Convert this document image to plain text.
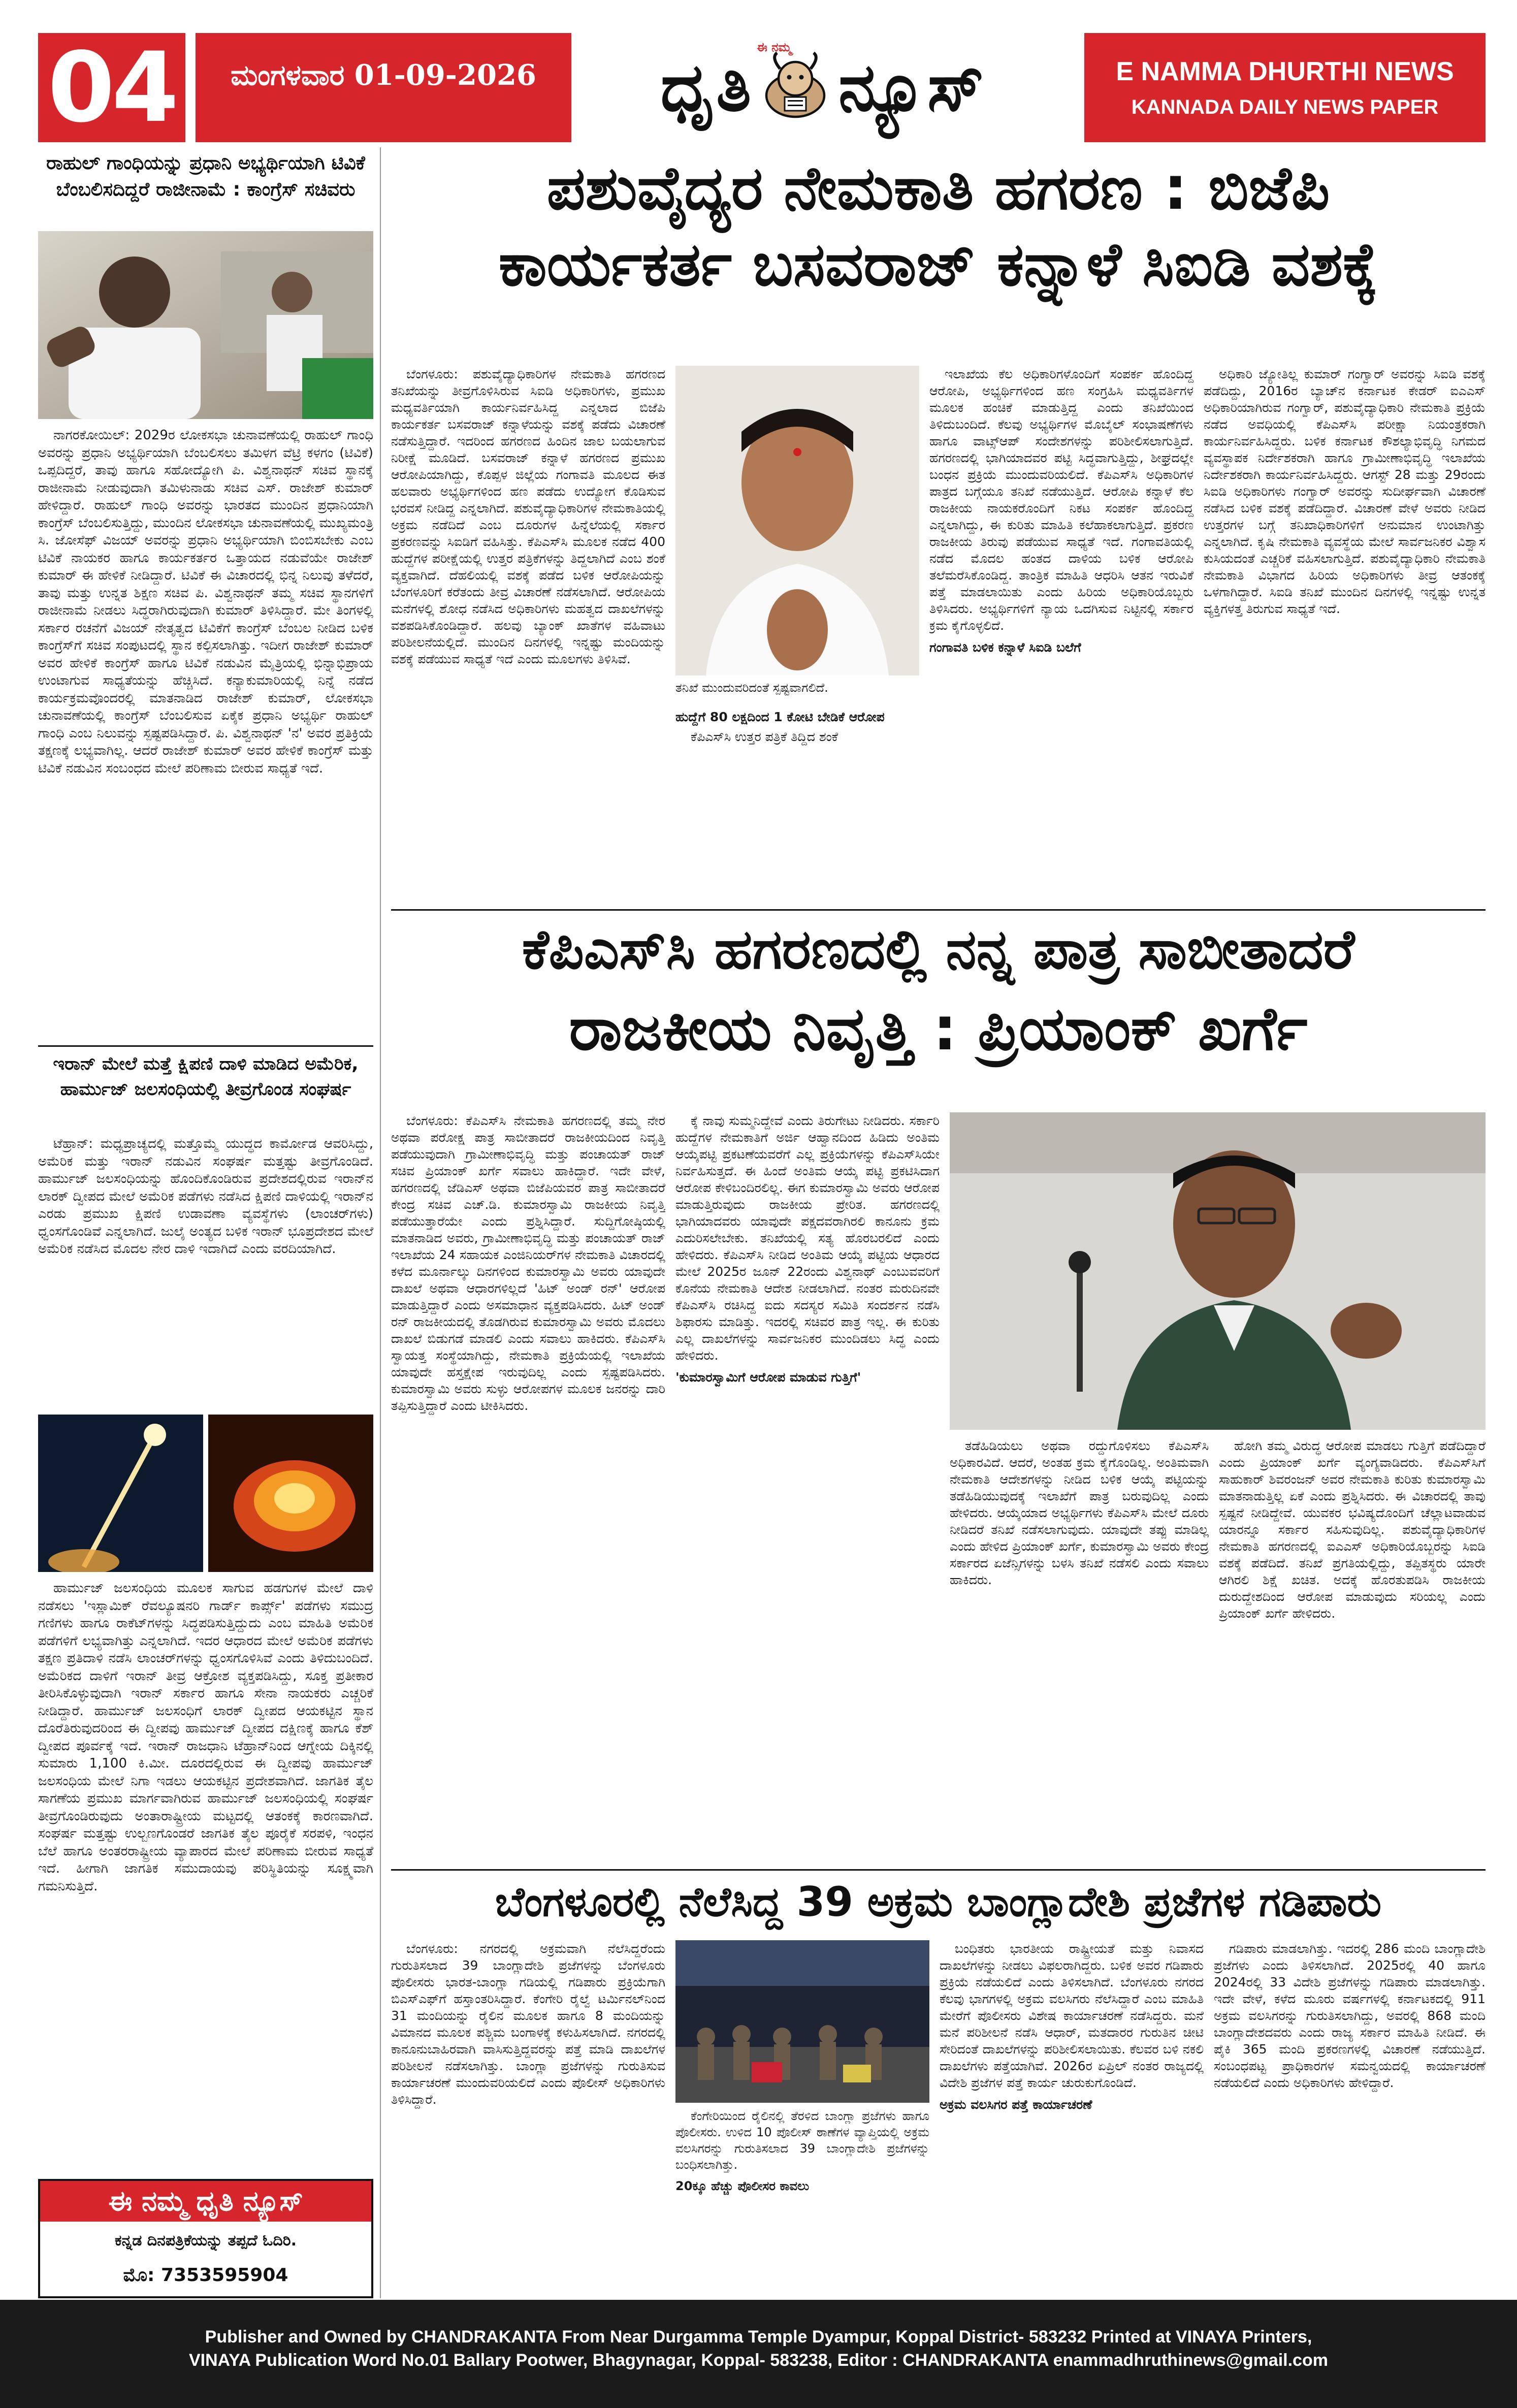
04	ಮಂಗಳವಾರ 01-09-2026
ಈ ನಮ್ಮ
ಧೃತಿ ನ್ಯೂಸ್	E NAMMA DHURTHI NEWS
KANNADA DAILY NEWS PAPER
ರಾಹುಲ್ ಗಾಂಧಿಯನ್ನು ಪ್ರಧಾನಿ ಅಭ್ಯರ್ಥಿಯಾಗಿ ಟಿವಿಕೆ ಬೆಂಬಲಿಸದಿದ್ದರೆ ರಾಜೀನಾಮೆ : ಕಾಂಗ್ರೆಸ್ ಸಚಿವರು

ನಾಗರಕೋಯಿಲ್: 2029ರ ಲೋಕಸಭಾ ಚುನಾವಣೆಯಲ್ಲಿ ರಾಹುಲ್ ಗಾಂಧಿ ಅವರನ್ನು ಪ್ರಧಾನಿ ಅಭ್ಯರ್ಥಿಯಾಗಿ ಬೆಂಬಲಿಸಲು ತಮಿಳಗ ವೆಟ್ರಿ ಕಳಗಂ (ಟಿವಿಕೆ) ಒಪ್ಪದಿದ್ದರೆ, ತಾವು ಹಾಗೂ ಸಹೋದ್ಯೋಗಿ ಪಿ. ವಿಶ್ವನಾಥನ್ ಸಚಿವ ಸ್ಥಾನಕ್ಕೆ ರಾಜೀನಾಮೆ ನೀಡುವುದಾಗಿ ತಮಿಳುನಾಡು ಸಚಿವ ಎಸ್. ರಾಜೇಶ್ ಕುಮಾರ್ ಹೇಳಿದ್ದಾರೆ. ರಾಹುಲ್ ಗಾಂಧಿ ಅವರನ್ನು ಭಾರತದ ಮುಂದಿನ ಪ್ರಧಾನಿಯಾಗಿ ಕಾಂಗ್ರೆಸ್ ಬೆಂಬಲಿಸುತ್ತಿದ್ದು, ಮುಂದಿನ ಲೋಕಸಭಾ ಚುನಾವಣೆಯಲ್ಲಿ ಮುಖ್ಯಮಂತ್ರಿ ಸಿ. ಜೋಸೆಫ್ ವಿಜಯ್ ಅವರನ್ನು ಪ್ರಧಾನಿ ಅಭ್ಯರ್ಥಿಯಾಗಿ ಬಿಂಬಿಸಬೇಕು ಎಂಬ ಟಿವಿಕೆ ನಾಯಕರ ಹಾಗೂ ಕಾರ್ಯಕರ್ತರ ಒತ್ತಾಯದ ನಡುವೆಯೇ ರಾಜೇಶ್ ಕುಮಾರ್ ಈ ಹೇಳಿಕೆ ನೀಡಿದ್ದಾರೆ. ಟಿವಿಕೆ ಈ ವಿಚಾರದಲ್ಲಿ ಭಿನ್ನ ನಿಲುವು ತಳೆದರೆ, ತಾವು ಮತ್ತು ಉನ್ನತ ಶಿಕ್ಷಣ ಸಚಿವ ಪಿ. ವಿಶ್ವನಾಥನ್ ತಮ್ಮ ಸಚಿವ ಸ್ಥಾನಗಳಿಗೆ ರಾಜೀನಾಮೆ ನೀಡಲು ಸಿದ್ಧರಾಗಿರುವುದಾಗಿ ಕುಮಾರ್ ತಿಳಿಸಿದ್ದಾರೆ. ಮೇ ತಿಂಗಳಲ್ಲಿ ಸರ್ಕಾರ ರಚನೆಗೆ ವಿಜಯ್ ನೇತೃತ್ವದ ಟಿವಿಕೆಗೆ ಕಾಂಗ್ರೆಸ್ ಬೆಂಬಲ ನೀಡಿದ ಬಳಿಕ ಕಾಂಗ್ರೆಸ್‌ಗೆ ಸಚಿವ ಸಂಪುಟದಲ್ಲಿ ಸ್ಥಾನ ಕಲ್ಪಿಸಲಾಗಿತ್ತು. ಇದೀಗ ರಾಜೇಶ್ ಕುಮಾರ್ ಅವರ ಹೇಳಿಕೆ ಕಾಂಗ್ರೆಸ್ ಹಾಗೂ ಟಿವಿಕೆ ನಡುವಿನ ಮೈತ್ರಿಯಲ್ಲಿ ಭಿನ್ನಾಭಿಪ್ರಾಯ ಉಂಟಾಗುವ ಸಾಧ್ಯತೆಯನ್ನು ಹೆಚ್ಚಿಸಿದೆ. ಕನ್ಯಾಕುಮಾರಿಯಲ್ಲಿ ನಿನ್ನೆ ನಡೆದ ಕಾರ್ಯಕ್ರಮವೊಂದರಲ್ಲಿ ಮಾತನಾಡಿದ ರಾಜೇಶ್ ಕುಮಾರ್, ಲೋಕಸಭಾ ಚುನಾವಣೆಯಲ್ಲಿ ಕಾಂಗ್ರೆಸ್ ಬೆಂಬಲಿಸುವ ಏಕೈಕ ಪ್ರಧಾನಿ ಅಭ್ಯರ್ಥಿ ರಾಹುಲ್ ಗಾಂಧಿ ಎಂಬ ನಿಲುವನ್ನು ಸ್ಪಷ್ಟಪಡಿಸಿದ್ದಾರೆ. ಪಿ. ವಿಶ್ವನಾಥನ್ 'ನ' ಅವರ ಪ್ರತಿಕ್ರಿಯೆ ತಕ್ಷಣಕ್ಕೆ ಲಭ್ಯವಾಗಿಲ್ಲ. ಆದರೆ ರಾಜೇಶ್ ಕುಮಾರ್ ಅವರ ಹೇಳಿಕೆ ಕಾಂಗ್ರೆಸ್ ಮತ್ತು ಟಿವಿಕೆ ನಡುವಿನ ಸಂಬಂಧದ ಮೇಲೆ ಪರಿಣಾಮ ಬೀರುವ ಸಾಧ್ಯತೆ ಇದೆ.

ಇರಾನ್ ಮೇಲೆ ಮತ್ತೆ ಕ್ಷಿಪಣಿ ದಾಳಿ ಮಾಡಿದ ಅಮೆರಿಕ, ಹಾರ್ಮುಜ್ ಜಲಸಂಧಿಯಲ್ಲಿ ತೀವ್ರಗೊಂಡ ಸಂಘರ್ಷ

ಟೆಹ್ರಾನ್: ಮಧ್ಯಪ್ರಾಚ್ಯದಲ್ಲಿ ಮತ್ತೊಮ್ಮೆ ಯುದ್ಧದ ಕಾರ್ಮೋಡ ಆವರಿಸಿದ್ದು, ಅಮೆರಿಕ ಮತ್ತು ಇರಾನ್ ನಡುವಿನ ಸಂಘರ್ಷ ಮತ್ತಷ್ಟು ತೀವ್ರಗೊಂಡಿದೆ. ಹಾರ್ಮುಜ್ ಜಲಸಂಧಿಯನ್ನು ಹೊಂದಿಕೊಂಡಿರುವ ಪ್ರದೇಶದಲ್ಲಿರುವ ಇರಾನ್‌ನ ಲಾರಕ್ ದ್ವೀಪದ ಮೇಲೆ ಅಮೆರಿಕ ಪಡೆಗಳು ನಡೆಸಿದ ಕ್ಷಿಪಣಿ ದಾಳಿಯಲ್ಲಿ ಇರಾನ್‌ನ ಎರಡು ಪ್ರಮುಖ ಕ್ಷಿಪಣಿ ಉಡಾವಣಾ ವ್ಯವಸ್ಥೆಗಳು (ಲಾಂಚರ್‌ಗಳು) ಧ್ವಂಸಗೊಂಡಿವೆ ಎನ್ನಲಾಗಿದೆ. ಜುಲೈ ಅಂತ್ಯದ ಬಳಿಕ ಇರಾನ್ ಭೂಪ್ರದೇಶದ ಮೇಲೆ ಅಮೆರಿಕ ನಡೆಸಿದ ಮೊದಲ ನೇರ ದಾಳಿ ಇದಾಗಿದೆ ಎಂದು ವರದಿಯಾಗಿದೆ.

ಹಾರ್ಮುಜ್ ಜಲಸಂಧಿಯ ಮೂಲಕ ಸಾಗುವ ಹಡಗುಗಳ ಮೇಲೆ ದಾಳಿ ನಡೆಸಲು 'ಇಸ್ಲಾಮಿಕ್ ರೆವಲ್ಯೂಷನರಿ ಗಾರ್ಡ್ ಕಾರ್ಪ್ಸ್' ಪಡೆಗಳು ಸಮುದ್ರ ಗಣಿಗಳು ಹಾಗೂ ರಾಕೆಟ್‌ಗಳನ್ನು ಸಿದ್ಧಪಡಿಸುತ್ತಿದ್ದುದು ಎಂಬ ಮಾಹಿತಿ ಅಮೆರಿಕ ಪಡೆಗಳಿಗೆ ಲಭ್ಯವಾಗಿತ್ತು ಎನ್ನಲಾಗಿದೆ. ಇದರ ಆಧಾರದ ಮೇಲೆ ಅಮೆರಿಕ ಪಡೆಗಳು ತಕ್ಷಣ ಪ್ರತಿದಾಳಿ ನಡೆಸಿ ಲಾಂಚರ್‌ಗಳನ್ನು ಧ್ವಂಸಗೊಳಿಸಿವೆ ಎಂದು ತಿಳಿದುಬಂದಿದೆ. ಅಮೆರಿಕದ ದಾಳಿಗೆ ಇರಾನ್ ತೀವ್ರ ಆಕ್ರೋಶ ವ್ಯಕ್ತಪಡಿಸಿದ್ದು, ಸೂಕ್ತ ಪ್ರತೀಕಾರ ತೀರಿಸಿಕೊಳ್ಳುವುದಾಗಿ ಇರಾನ್ ಸರ್ಕಾರ ಹಾಗೂ ಸೇನಾ ನಾಯಕರು ಎಚ್ಚರಿಕೆ ನೀಡಿದ್ದಾರೆ. ಹಾರ್ಮುಜ್ ಜಲಸಂಧಿಗೆ ಲಾರಕ್ ದ್ವೀಪದ ಆಯಕಟ್ಟಿನ ಸ್ಥಾನ ದೊರೆತಿರುವುದರಿಂದ ಈ ದ್ವೀಪವು ಹಾರ್ಮುಜ್ ದ್ವೀಪದ ದಕ್ಷಿಣಕ್ಕೆ ಹಾಗೂ ಕೆಶ್ ದ್ವೀಪದ ಪೂರ್ವಕ್ಕೆ ಇದೆ. ಇರಾನ್ ರಾಜಧಾನಿ ಟೆಹ್ರಾನ್‌ನಿಂದ ಆಗ್ನೇಯ ದಿಕ್ಕಿನಲ್ಲಿ ಸುಮಾರು 1,100 ಕಿ.ಮೀ. ದೂರದಲ್ಲಿರುವ ಈ ದ್ವೀಪವು ಹಾರ್ಮುಜ್ ಜಲಸಂಧಿಯ ಮೇಲೆ ನಿಗಾ ಇಡಲು ಆಯಕಟ್ಟಿನ ಪ್ರದೇಶವಾಗಿದೆ. ಜಾಗತಿಕ ತೈಲ ಸಾಗಣೆಯ ಪ್ರಮುಖ ಮಾರ್ಗವಾಗಿರುವ ಹಾರ್ಮುಜ್ ಜಲಸಂಧಿಯಲ್ಲಿ ಸಂಘರ್ಷ ತೀವ್ರಗೊಂಡಿರುವುದು ಅಂತಾರಾಷ್ಟ್ರೀಯ ಮಟ್ಟದಲ್ಲಿ ಆತಂಕಕ್ಕೆ ಕಾರಣವಾಗಿದೆ. ಸಂಘರ್ಷ ಮತ್ತಷ್ಟು ಉಲ್ಬಣಗೊಂಡರೆ ಜಾಗತಿಕ ತೈಲ ಪೂರೈಕೆ ಸರಪಳಿ, ಇಂಧನ ಬೆಲೆ ಹಾಗೂ ಅಂತರರಾಷ್ಟ್ರೀಯ ವ್ಯಾಪಾರದ ಮೇಲೆ ಪರಿಣಾಮ ಬೀರುವ ಸಾಧ್ಯತೆ ಇದೆ. ಹೀಗಾಗಿ ಜಾಗತಿಕ ಸಮುದಾಯವು ಪರಿಸ್ಥಿತಿಯನ್ನು ಸೂಕ್ಷ್ಮವಾಗಿ ಗಮನಿಸುತ್ತಿದೆ.

ಈ ನಮ್ಮ ಧೃತಿ ನ್ಯೂಸ್
ಕನ್ನಡ ದಿನಪತ್ರಿಕೆಯನ್ನು ತಪ್ಪದೆ ಓದಿರಿ.
ಮೊ: 7353595904
ಪಶುವೈದ್ಯರ ನೇಮಕಾತಿ ಹಗರಣ : ಬಿಜೆಪಿ
ಕಾರ್ಯಕರ್ತ ಬಸವರಾಜ್ ಕನ್ನಾಳೆ ಸಿಐಡಿ ವಶಕ್ಕೆ

ಬೆಂಗಳೂರು: ಪಶುವೈದ್ಯಾಧಿಕಾರಿಗಳ ನೇಮಕಾತಿ ಹಗರಣದ ತನಿಖೆಯನ್ನು ತೀವ್ರಗೊಳಿಸಿರುವ ಸಿಐಡಿ ಅಧಿಕಾರಿಗಳು, ಪ್ರಮುಖ ಮಧ್ಯವರ್ತಿಯಾಗಿ ಕಾರ್ಯನಿರ್ವಹಿಸಿದ್ದ ಎನ್ನಲಾದ ಬಿಜೆಪಿ ಕಾರ್ಯಕರ್ತ ಬಸವರಾಜ್ ಕನ್ನಾಳೆಯನ್ನು ವಶಕ್ಕೆ ಪಡೆದು ವಿಚಾರಣೆ ನಡೆಸುತ್ತಿದ್ದಾರೆ. ಇದರಿಂದ ಹಗರಣದ ಹಿಂದಿನ ಜಾಲ ಬಯಲಾಗುವ ನಿರೀಕ್ಷೆ ಮೂಡಿದೆ. ಬಸವರಾಜ್ ಕನ್ನಾಳೆ ಹಗರಣದ ಪ್ರಮುಖ ಆರೋಪಿಯಾಗಿದ್ದು, ಕೊಪ್ಪಳ ಜಿಲ್ಲೆಯ ಗಂಗಾವತಿ ಮೂಲದ ಈತ ಹಲವಾರು ಅಭ್ಯರ್ಥಿಗಳಿಂದ ಹಣ ಪಡೆದು ಉದ್ಯೋಗ ಕೊಡಿಸುವ ಭರವಸೆ ನೀಡಿದ್ದ ಎನ್ನಲಾಗಿದೆ. ಪಶುವೈದ್ಯಾಧಿಕಾರಿಗಳ ನೇಮಕಾತಿಯಲ್ಲಿ ಅಕ್ರಮ ನಡೆದಿದೆ ಎಂಬ ದೂರುಗಳ ಹಿನ್ನೆಲೆಯಲ್ಲಿ ಸರ್ಕಾರ ಪ್ರಕರಣವನ್ನು ಸಿಐಡಿಗೆ ವಹಿಸಿತ್ತು. ಕೆಪಿಎಸ್‌ಸಿ ಮೂಲಕ ನಡೆದ 400 ಹುದ್ದೆಗಳ ಪರೀಕ್ಷೆಯಲ್ಲಿ ಉತ್ತರ ಪತ್ರಿಕೆಗಳನ್ನು ತಿದ್ದಲಾಗಿದೆ ಎಂಬ ಶಂಕೆ ವ್ಯಕ್ತವಾಗಿದೆ. ದೆಹಲಿಯಲ್ಲಿ ವಶಕ್ಕೆ ಪಡೆದ ಬಳಿಕ ಆರೋಪಿಯನ್ನು ಬೆಂಗಳೂರಿಗೆ ಕರೆತಂದು ತೀವ್ರ ವಿಚಾರಣೆ ನಡೆಸಲಾಗಿದೆ. ಆರೋಪಿಯ ಮನೆಗಳಲ್ಲಿ ಶೋಧ ನಡೆಸಿದ ಅಧಿಕಾರಿಗಳು ಮಹತ್ವದ ದಾಖಲೆಗಳನ್ನು ವಶಪಡಿಸಿಕೊಂಡಿದ್ದಾರೆ. ಹಲವು ಬ್ಯಾಂಕ್ ಖಾತೆಗಳ ವಹಿವಾಟು ಪರಿಶೀಲನೆಯಲ್ಲಿದೆ. ಮುಂದಿನ ದಿನಗಳಲ್ಲಿ ಇನ್ನಷ್ಟು ಮಂದಿಯನ್ನು ವಶಕ್ಕೆ ಪಡೆಯುವ ಸಾಧ್ಯತೆ ಇದೆ ಎಂದು ಮೂಲಗಳು ತಿಳಿಸಿವೆ.

ತನಿಖೆ ಮುಂದುವರಿದಂತೆ ಸ್ಪಷ್ಟವಾಗಲಿದೆ.

ಹುದ್ದೆಗೆ 80 ಲಕ್ಷದಿಂದ 1 ಕೋಟಿ ಬೇಡಿಕೆ ಆರೋಪ

ಕೆಪಿಎಸ್‌ಸಿ ಉತ್ತರ ಪತ್ರಿಕೆ ತಿದ್ದಿದ ಶಂಕೆ

ಇಲಾಖೆಯ ಕೆಲ ಅಧಿಕಾರಿಗಳೊಂದಿಗೆ ಸಂಪರ್ಕ ಹೊಂದಿದ್ದ ಆರೋಪಿ, ಅಭ್ಯರ್ಥಿಗಳಿಂದ ಹಣ ಸಂಗ್ರಹಿಸಿ ಮಧ್ಯವರ್ತಿಗಳ ಮೂಲಕ ಹಂಚಿಕೆ ಮಾಡುತ್ತಿದ್ದ ಎಂದು ತನಿಖೆಯಿಂದ ತಿಳಿದುಬಂದಿದೆ. ಕೆಲವು ಅಭ್ಯರ್ಥಿಗಳ ಮೊಬೈಲ್ ಸಂಭಾಷಣೆಗಳು ಹಾಗೂ ವಾಟ್ಸ್ಆಪ್ ಸಂದೇಶಗಳನ್ನು ಪರಿಶೀಲಿಸಲಾಗುತ್ತಿದೆ. ಹಗರಣದಲ್ಲಿ ಭಾಗಿಯಾದವರ ಪಟ್ಟಿ ಸಿದ್ಧವಾಗುತ್ತಿದ್ದು, ಶೀಘ್ರದಲ್ಲೇ ಬಂಧನ ಪ್ರಕ್ರಿಯೆ ಮುಂದುವರಿಯಲಿದೆ. ಕೆಪಿಎಸ್‌ಸಿ ಅಧಿಕಾರಿಗಳ ಪಾತ್ರದ ಬಗ್ಗೆಯೂ ತನಿಖೆ ನಡೆಯುತ್ತಿದೆ. ಆರೋಪಿ ಕನ್ನಾಳೆ ಕೆಲ ರಾಜಕೀಯ ನಾಯಕರೊಂದಿಗೆ ನಿಕಟ ಸಂಪರ್ಕ ಹೊಂದಿದ್ದ ಎನ್ನಲಾಗಿದ್ದು, ಈ ಕುರಿತು ಮಾಹಿತಿ ಕಲೆಹಾಕಲಾಗುತ್ತಿದೆ. ಪ್ರಕರಣ ರಾಜಕೀಯ ತಿರುವು ಪಡೆಯುವ ಸಾಧ್ಯತೆ ಇದೆ. ಗಂಗಾವತಿಯಲ್ಲಿ ನಡೆದ ಮೊದಲ ಹಂತದ ದಾಳಿಯ ಬಳಿಕ ಆರೋಪಿ ತಲೆಮರೆಸಿಕೊಂಡಿದ್ದ. ತಾಂತ್ರಿಕ ಮಾಹಿತಿ ಆಧರಿಸಿ ಆತನ ಇರುವಿಕೆ ಪತ್ತೆ ಮಾಡಲಾಯಿತು ಎಂದು ಹಿರಿಯ ಅಧಿಕಾರಿಯೊಬ್ಬರು ತಿಳಿಸಿದರು. ಅಭ್ಯರ್ಥಿಗಳಿಗೆ ನ್ಯಾಯ ಒದಗಿಸುವ ನಿಟ್ಟಿನಲ್ಲಿ ಸರ್ಕಾರ ಕ್ರಮ ಕೈಗೊಳ್ಳಲಿದೆ.

ಗಂಗಾವತಿ ಬಳಿಕ ಕನ್ನಾಳೆ ಸಿಐಡಿ ಬಲೆಗೆ

ಅಧಿಕಾರಿ ಜ್ಯೋತಿಲ್ಲ ಕುಮಾರ್ ಗಂಗ್ವಾರ್ ಅವರನ್ನು ಸಿಐಡಿ ವಶಕ್ಕೆ ಪಡೆದಿದ್ದು, 2016ರ ಬ್ಯಾಚ್‌ನ ಕರ್ನಾಟಕ ಕೇಡರ್ ಐಎಎಸ್ ಅಧಿಕಾರಿಯಾಗಿರುವ ಗಂಗ್ವಾರ್, ಪಶುವೈದ್ಯಾಧಿಕಾರಿ ನೇಮಕಾತಿ ಪ್ರಕ್ರಿಯೆ ನಡೆದ ಅವಧಿಯಲ್ಲಿ ಕೆಪಿಎಸ್‌ಸಿ ಪರೀಕ್ಷಾ ನಿಯಂತ್ರಕರಾಗಿ ಕಾರ್ಯನಿರ್ವಹಿಸಿದ್ದರು. ಬಳಿಕ ಕರ್ನಾಟಕ ಕೌಶಲ್ಯಾಭಿವೃದ್ಧಿ ನಿಗಮದ ವ್ಯವಸ್ಥಾಪಕ ನಿರ್ದೇಶಕರಾಗಿ ಹಾಗೂ ಗ್ರಾಮೀಣಾಭಿವೃದ್ಧಿ ಇಲಾಖೆಯ ನಿರ್ದೇಶಕರಾಗಿ ಕಾರ್ಯನಿರ್ವಹಿಸಿದ್ದರು. ಆಗಸ್ಟ್ 28 ಮತ್ತು 29ರಂದು ಸಿಐಡಿ ಅಧಿಕಾರಿಗಳು ಗಂಗ್ವಾರ್ ಅವರನ್ನು ಸುದೀರ್ಘವಾಗಿ ವಿಚಾರಣೆ ನಡೆಸಿದ ಬಳಿಕ ವಶಕ್ಕೆ ಪಡೆದಿದ್ದಾರೆ. ವಿಚಾರಣೆ ವೇಳೆ ಅವರು ನೀಡಿದ ಉತ್ತರಗಳ ಬಗ್ಗೆ ತನಿಖಾಧಿಕಾರಿಗಳಿಗೆ ಅನುಮಾನ ಉಂಟಾಗಿತ್ತು ಎನ್ನಲಾಗಿದೆ. ಕೃಷಿ ನೇಮಕಾತಿ ವ್ಯವಸ್ಥೆಯ ಮೇಲೆ ಸಾರ್ವಜನಿಕರ ವಿಶ್ವಾಸ ಕುಸಿಯದಂತೆ ಎಚ್ಚರಿಕೆ ವಹಿಸಲಾಗುತ್ತಿದೆ. ಪಶುವೈದ್ಯಾಧಿಕಾರಿ ನೇಮಕಾತಿ ನೇಮಕಾತಿ ವಿಭಾಗದ ಹಿರಿಯ ಅಧಿಕಾರಿಗಳು ತೀವ್ರ ಆತಂಕಕ್ಕೆ ಒಳಗಾಗಿದ್ದಾರೆ. ಸಿಐಡಿ ತನಿಖೆ ಮುಂದಿನ ದಿನಗಳಲ್ಲಿ ಇನ್ನಷ್ಟು ಉನ್ನತ ವ್ಯಕ್ತಿಗಳತ್ತ ತಿರುಗುವ ಸಾಧ್ಯತೆ ಇದೆ.

ಕೆಪಿಎಸ್‌ಸಿ ಹಗರಣದಲ್ಲಿ ನನ್ನ ಪಾತ್ರ ಸಾಬೀತಾದರೆ
ರಾಜಕೀಯ ನಿವೃತ್ತಿ : ಪ್ರಿಯಾಂಕ್ ಖರ್ಗೆ

ಬೆಂಗಳೂರು: ಕೆಪಿಎಸ್‌ಸಿ ನೇಮಕಾತಿ ಹಗರಣದಲ್ಲಿ ತಮ್ಮ ನೇರ ಅಥವಾ ಪರೋಕ್ಷ ಪಾತ್ರ ಸಾಬೀತಾದರೆ ರಾಜಕೀಯದಿಂದ ನಿವೃತ್ತಿ ಪಡೆಯುವುದಾಗಿ ಗ್ರಾಮೀಣಾಭಿವೃದ್ಧಿ ಮತ್ತು ಪಂಚಾಯತ್ ರಾಜ್ ಸಚಿವ ಪ್ರಿಯಾಂಕ್ ಖರ್ಗೆ ಸವಾಲು ಹಾಕಿದ್ದಾರೆ. ಇದೇ ವೇಳೆ, ಹಗರಣದಲ್ಲಿ ಜೆಡಿಎಸ್ ಅಥವಾ ಬಿಜೆಪಿಯವರ ಪಾತ್ರ ಸಾಬೀತಾದರೆ ಕೇಂದ್ರ ಸಚಿವ ಎಚ್.ಡಿ. ಕುಮಾರಸ್ವಾಮಿ ರಾಜಕೀಯ ನಿವೃತ್ತಿ ಪಡೆಯುತ್ತಾರೆಯೇ ಎಂದು ಪ್ರಶ್ನಿಸಿದ್ದಾರೆ. ಸುದ್ದಿಗೋಷ್ಠಿಯಲ್ಲಿ ಮಾತನಾಡಿದ ಅವರು, ಗ್ರಾಮೀಣಾಭಿವೃದ್ಧಿ ಮತ್ತು ಪಂಚಾಯತ್ ರಾಜ್ ಇಲಾಖೆಯ 24 ಸಹಾಯಕ ಎಂಜಿನಿಯರ್‌ಗಳ ನೇಮಕಾತಿ ವಿಚಾರದಲ್ಲಿ ಕಳೆದ ಮೂರ್ನಾಲ್ಕು ದಿನಗಳಿಂದ ಕುಮಾರಸ್ವಾಮಿ ಅವರು ಯಾವುದೇ ದಾಖಲೆ ಅಥವಾ ಆಧಾರಗಳಿಲ್ಲದೆ 'ಹಿಟ್ ಅಂಡ್ ರನ್' ಆರೋಪ ಮಾಡುತ್ತಿದ್ದಾರೆ ಎಂದು ಅಸಮಾಧಾನ ವ್ಯಕ್ತಪಡಿಸಿದರು. ಹಿಟ್ ಅಂಡ್ ರನ್ ರಾಜಕೀಯದಲ್ಲಿ ತೊಡಗಿರುವ ಕುಮಾರಸ್ವಾಮಿ ಅವರು ಮೊದಲು ದಾಖಲೆ ಬಿಡುಗಡೆ ಮಾಡಲಿ ಎಂದು ಸವಾಲು ಹಾಕಿದರು. ಕೆಪಿಎಸ್‌ಸಿ ಸ್ವಾಯತ್ತ ಸಂಸ್ಥೆಯಾಗಿದ್ದು, ನೇಮಕಾತಿ ಪ್ರಕ್ರಿಯೆಯಲ್ಲಿ ಇಲಾಖೆಯ ಯಾವುದೇ ಹಸ್ತಕ್ಷೇಪ ಇರುವುದಿಲ್ಲ ಎಂದು ಸ್ಪಷ್ಟಪಡಿಸಿದರು. ಕುಮಾರಸ್ವಾಮಿ ಅವರು ಸುಳ್ಳು ಆರೋಪಗಳ ಮೂಲಕ ಜನರನ್ನು ದಾರಿ ತಪ್ಪಿಸುತ್ತಿದ್ದಾರೆ ಎಂದು ಟೀಕಿಸಿದರು.

ಕ್ಕೆ ನಾವು ಸುಮ್ಮನಿದ್ದೇವೆ ಎಂದು ತಿರುಗೇಟು ನೀಡಿದರು. ಸರ್ಕಾರಿ ಹುದ್ದೆಗಳ ನೇಮಕಾತಿಗೆ ಅರ್ಜಿ ಆಹ್ವಾನದಿಂದ ಹಿಡಿದು ಅಂತಿಮ ಆಯ್ಕೆಪಟ್ಟಿ ಪ್ರಕಟಣೆಯವರೆಗೆ ಎಲ್ಲ ಪ್ರಕ್ರಿಯೆಗಳನ್ನು ಕೆಪಿಎಸ್‌ಸಿಯೇ ನಿರ್ವಹಿಸುತ್ತದೆ. ಈ ಹಿಂದೆ ಅಂತಿಮ ಆಯ್ಕೆ ಪಟ್ಟಿ ಪ್ರಕಟಿಸಿದಾಗ ಆರೋಪ ಕೇಳಿಬಂದಿರಲಿಲ್ಲ. ಈಗ ಕುಮಾರಸ್ವಾಮಿ ಅವರು ಆರೋಪ ಮಾಡುತ್ತಿರುವುದು ರಾಜಕೀಯ ಪ್ರೇರಿತ. ಹಗರಣದಲ್ಲಿ ಭಾಗಿಯಾದವರು ಯಾವುದೇ ಪಕ್ಷದವರಾಗಿರಲಿ ಕಾನೂನು ಕ್ರಮ ಎದುರಿಸಲೇಬೇಕು. ತನಿಖೆಯಲ್ಲಿ ಸತ್ಯ ಹೊರಬರಲಿದೆ ಎಂದು ಹೇಳಿದರು. ಕೆಪಿಎಸ್‌ಸಿ ನೀಡಿದ ಅಂತಿಮ ಆಯ್ಕೆ ಪಟ್ಟಿಯ ಆಧಾರದ ಮೇಲೆ 2025ರ ಜೂನ್ 22ರಂದು ವಿಶ್ವನಾಥ್ ಎಂಬುವವರಿಗೆ ಕೊನೆಯ ನೇಮಕಾತಿ ಆದೇಶ ನೀಡಲಾಗಿದೆ. ನಂತರ ಮರುದಿನವೇ ಕೆಪಿಎಸ್‌ಸಿ ರಚಿಸಿದ್ದ ಐದು ಸದಸ್ಯರ ಸಮಿತಿ ಸಂದರ್ಶನ ನಡೆಸಿ ಶಿಫಾರಸು ಮಾಡಿತ್ತು. ಇದರಲ್ಲಿ ಸಚಿವರ ಪಾತ್ರ ಇಲ್ಲ. ಈ ಕುರಿತು ಎಲ್ಲ ದಾಖಲೆಗಳನ್ನು ಸಾರ್ವಜನಿಕರ ಮುಂದಿಡಲು ಸಿದ್ಧ ಎಂದು ಹೇಳಿದರು.

'ಕುಮಾರಸ್ವಾಮಿಗೆ ಆರೋಪ ಮಾಡುವ ಗುತ್ತಿಗೆ'

ತಡೆಹಿಡಿಯಲು ಅಥವಾ ರದ್ದುಗೊಳಿಸಲು ಕೆಪಿಎಸ್‌ಸಿ ಅಧಿಕಾರವಿದೆ. ಆದರೆ, ಅಂತಹ ಕ್ರಮ ಕೈಗೊಂಡಿಲ್ಲ. ಅಂತಿಮವಾಗಿ ನೇಮಕಾತಿ ಆದೇಶಗಳನ್ನು ನೀಡಿದ ಬಳಿಕ ಆಯ್ಕೆ ಪಟ್ಟಿಯನ್ನು ತಡೆಹಿಡಿಯುವುದಕ್ಕೆ ಇಲಾಖೆಗೆ ಪಾತ್ರ ಬರುವುದಿಲ್ಲ ಎಂದು ಹೇಳಿದರು. ಆಯ್ಕೆಯಾದ ಅಭ್ಯರ್ಥಿಗಳು ಕೆಪಿಎಸ್‌ಸಿ ಮೇಲೆ ದೂರು ನೀಡಿದರೆ ತನಿಖೆ ನಡೆಸಲಾಗುವುದು. ಯಾವುದೇ ತಪ್ಪು ಮಾಡಿಲ್ಲ ಎಂದು ಹೇಳಿದ ಪ್ರಿಯಾಂಕ್ ಖರ್ಗೆ, ಕುಮಾರಸ್ವಾಮಿ ಅವರು ಕೇಂದ್ರ ಸರ್ಕಾರದ ಏಜೆನ್ಸಿಗಳನ್ನು ಬಳಸಿ ತನಿಖೆ ನಡೆಸಲಿ ಎಂದು ಸವಾಲು ಹಾಕಿದರು.

ಹೋಗಿ ತಮ್ಮ ವಿರುದ್ಧ ಆರೋಪ ಮಾಡಲು ಗುತ್ತಿಗೆ ಪಡೆದಿದ್ದಾರೆ ಎಂದು ಪ್ರಿಯಾಂಕ್ ಖರ್ಗೆ ವ್ಯಂಗ್ಯವಾಡಿದರು. ಕೆಪಿಎಸ್‌ಸಿಗೆ ಸಾಹುಕಾರ್ ಶಿವರಂಜನ್ ಅವರ ನೇಮಕಾತಿ ಕುರಿತು ಕುಮಾರಸ್ವಾಮಿ ಮಾತನಾಡುತ್ತಿಲ್ಲ ಏಕೆ ಎಂದು ಪ್ರಶ್ನಿಸಿದರು. ಈ ವಿಚಾರದಲ್ಲಿ ತಾವು ಸ್ಪಷ್ಟನೆ ನೀಡಿದ್ದೇವೆ. ಯುವಕರ ಭವಿಷ್ಯದೊಂದಿಗೆ ಚೆಲ್ಲಾಟವಾಡುವ ಯಾರನ್ನೂ ಸರ್ಕಾರ ಸಹಿಸುವುದಿಲ್ಲ. ಪಶುವೈದ್ಯಾಧಿಕಾರಿಗಳ ನೇಮಕಾತಿ ಹಗರಣದಲ್ಲಿ ಐಎಎಸ್ ಅಧಿಕಾರಿಯೊಬ್ಬರನ್ನು ಸಿಐಡಿ ವಶಕ್ಕೆ ಪಡೆದಿದೆ. ತನಿಖೆ ಪ್ರಗತಿಯಲ್ಲಿದ್ದು, ತಪ್ಪಿತಸ್ಥರು ಯಾರೇ ಆಗಿರಲಿ ಶಿಕ್ಷೆ ಖಚಿತ. ಅದಕ್ಕೆ ಹೊರತುಪಡಿಸಿ ರಾಜಕೀಯ ದುರುದ್ದೇಶದಿಂದ ಆರೋಪ ಮಾಡುವುದು ಸರಿಯಲ್ಲ ಎಂದು ಪ್ರಿಯಾಂಕ್ ಖರ್ಗೆ ಹೇಳಿದರು.

ಬೆಂಗಳೂರಲ್ಲಿ ನೆಲೆಸಿದ್ದ 39 ಅಕ್ರಮ ಬಾಂಗ್ಲಾದೇಶಿ ಪ್ರಜೆಗಳ ಗಡಿಪಾರು

ಬೆಂಗಳೂರು: ನಗರದಲ್ಲಿ ಅಕ್ರಮವಾಗಿ ನೆಲೆಸಿದ್ದರೆಂದು ಗುರುತಿಸಲಾದ 39 ಬಾಂಗ್ಲಾದೇಶಿ ಪ್ರಜೆಗಳನ್ನು ಬೆಂಗಳೂರು ಪೊಲೀಸರು ಭಾರತ-ಬಾಂಗ್ಲಾ ಗಡಿಯಲ್ಲಿ ಗಡಿಪಾರು ಪ್ರಕ್ರಿಯೆಗಾಗಿ ಬಿಎಸ್‌ಎಫ್‌ಗೆ ಹಸ್ತಾಂತರಿಸಿದ್ದಾರೆ. ಕೆಂಗೇರಿ ರೈಲ್ವೆ ಟರ್ಮಿನಲ್‌ನಿಂದ 31 ಮಂದಿಯನ್ನು ರೈಲಿನ ಮೂಲಕ ಹಾಗೂ 8 ಮಂದಿಯನ್ನು ವಿಮಾನದ ಮೂಲಕ ಪಶ್ಚಿಮ ಬಂಗಾಳಕ್ಕೆ ಕಳುಹಿಸಲಾಗಿದೆ. ನಗರದಲ್ಲಿ ಕಾನೂನುಬಾಹಿರವಾಗಿ ವಾಸಿಸುತ್ತಿದ್ದವರನ್ನು ಪತ್ತೆ ಮಾಡಿ ದಾಖಲೆಗಳ ಪರಿಶೀಲನೆ ನಡೆಸಲಾಗಿತ್ತು. ಬಾಂಗ್ಲಾ ಪ್ರಜೆಗಳನ್ನು ಗುರುತಿಸುವ ಕಾರ್ಯಾಚರಣೆ ಮುಂದುವರಿಯಲಿದೆ ಎಂದು ಪೊಲೀಸ್ ಅಧಿಕಾರಿಗಳು ತಿಳಿಸಿದ್ದಾರೆ.

ಕೆಂಗೇರಿಯಿಂದ ರೈಲಿನಲ್ಲಿ ತೆರಳಿದ ಬಾಂಗ್ಲಾ ಪ್ರಜೆಗಳು ಹಾಗೂ ಪೊಲೀಸರು. ಉಳಿದ 10 ಪೊಲೀಸ್ ಠಾಣೆಗಳ ವ್ಯಾಪ್ತಿಯಲ್ಲಿ ಅಕ್ರಮ ವಲಸಿಗರನ್ನು ಗುರುತಿಸಲಾದ 39 ಬಾಂಗ್ಲಾದೇಶಿ ಪ್ರಜೆಗಳನ್ನು ಬಂಧಿಸಲಾಗಿತ್ತು.

20ಕ್ಕೂ ಹೆಚ್ಚು ಪೊಲೀಸರ ಕಾವಲು

ಬಂಧಿತರು ಭಾರತೀಯ ರಾಷ್ಟ್ರೀಯತೆ ಮತ್ತು ನಿವಾಸದ ದಾಖಲೆಗಳನ್ನು ನೀಡಲು ವಿಫಲರಾಗಿದ್ದರು. ಬಳಿಕ ಅವರ ಗಡಿಪಾರು ಪ್ರಕ್ರಿಯೆ ನಡೆಯಲಿದೆ ಎಂದು ತಿಳಿಸಲಾಗಿದೆ. ಬೆಂಗಳೂರು ನಗರದ ಕೆಲವು ಭಾಗಗಳಲ್ಲಿ ಅಕ್ರಮ ವಲಸಿಗರು ನೆಲೆಸಿದ್ದಾರೆ ಎಂಬ ಮಾಹಿತಿ ಮೇರೆಗೆ ಪೊಲೀಸರು ವಿಶೇಷ ಕಾರ್ಯಾಚರಣೆ ನಡೆಸಿದ್ದರು. ಮನೆ ಮನೆ ಪರಿಶೀಲನೆ ನಡೆಸಿ ಆಧಾರ್, ಮತದಾರರ ಗುರುತಿನ ಚೀಟಿ ಸೇರಿದಂತೆ ದಾಖಲೆಗಳನ್ನು ಪರಿಶೀಲಿಸಲಾಯಿತು. ಕೆಲವರ ಬಳಿ ನಕಲಿ ದಾಖಲೆಗಳು ಪತ್ತೆಯಾಗಿವೆ. 2026ರ ಏಪ್ರಿಲ್ ನಂತರ ರಾಜ್ಯದಲ್ಲಿ ವಿದೇಶಿ ಪ್ರಜೆಗಳ ಪತ್ತೆ ಕಾರ್ಯ ಚುರುಕುಗೊಂಡಿದೆ.

ಅಕ್ರಮ ವಲಸಿಗರ ಪತ್ತೆ ಕಾರ್ಯಾಚರಣೆ

ಗಡಿಪಾರು ಮಾಡಲಾಗಿತ್ತು. ಇದರಲ್ಲಿ 286 ಮಂದಿ ಬಾಂಗ್ಲಾದೇಶಿ ಪ್ರಜೆಗಳು ಎಂದು ತಿಳಿಸಲಾಗಿದೆ. 2025ರಲ್ಲಿ 40 ಹಾಗೂ 2024ರಲ್ಲಿ 33 ವಿದೇಶಿ ಪ್ರಜೆಗಳನ್ನು ಗಡಿಪಾರು ಮಾಡಲಾಗಿತ್ತು. ಇದೇ ವೇಳೆ, ಕಳೆದ ಮೂರು ವರ್ಷಗಳಲ್ಲಿ ಕರ್ನಾಟಕದಲ್ಲಿ 911 ಅಕ್ರಮ ವಲಸಿಗರನ್ನು ಗುರುತಿಸಲಾಗಿದ್ದು, ಅವರಲ್ಲಿ 868 ಮಂದಿ ಬಾಂಗ್ಲಾದೇಶದವರು ಎಂದು ರಾಜ್ಯ ಸರ್ಕಾರ ಮಾಹಿತಿ ನೀಡಿದೆ. ಈ ಪೈಕಿ 365 ಮಂದಿ ಪ್ರಕರಣಗಳಲ್ಲಿ ವಿಚಾರಣೆ ನಡೆಯುತ್ತಿದೆ. ಸಂಬಂಧಪಟ್ಟ ಪ್ರಾಧಿಕಾರಗಳ ಸಮನ್ವಯದಲ್ಲಿ ಕಾರ್ಯಾಚರಣೆ ನಡೆಯಲಿದೆ ಎಂದು ಅಧಿಕಾರಿಗಳು ಹೇಳಿದ್ದಾರೆ.

Publisher and Owned by CHANDRAKANTA From Near Durgamma Temple Dyampur, Koppal District- 583232 Printed at VINAYA Printers,
VINAYA Publication Word No.01 Ballary Pootwer, Bhagynagar, Koppal- 583238, Editor : CHANDRAKANTA enammadhruthinews@gmail.com
